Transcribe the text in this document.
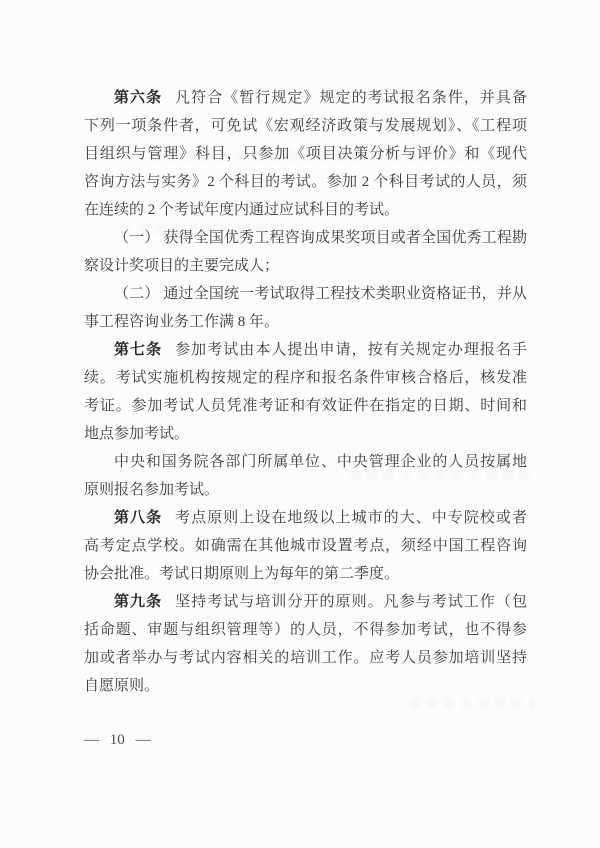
第六条 凡符合《暂行规定》规定的考试报名条件，并具备
下列一项条件者，可免试《宏观经济政策与发展规划》、《工程项
目组织与管理》科目，只参加《项目决策分析与评价》和《现代
咨询方法与实务》2 个科目的考试。参加 2 个科目考试的人员，须
在连续的 2 个考试年度内通过应试科目的考试。
（一） 获得全国优秀工程咨询成果奖项目或者全国优秀工程勘
察设计奖项目的主要完成人；
（二） 通过全国统一考试取得工程技术类职业资格证书，并从
事工程咨询业务工作满 8 年。
第七条 参加考试由本人提出申请，按有关规定办理报名手
续。考试实施机构按规定的程序和报名条件审核合格后，核发准
考证。参加考试人员凭准考证和有效证件在指定的日期、时间和
地点参加考试。
中央和国务院各部门所属单位、中央管理企业的人员按属地
原则报名参加考试。
第八条 考点原则上设在地级以上城市的大、中专院校或者
高考定点学校。如确需在其他城市设置考点，须经中国工程咨询
协会批准。考试日期原则上为每年的第二季度。
第九条 坚持考试与培训分开的原则。凡参与考试工作（包
括命题、审题与组织管理等）的人员，不得参加考试，也不得参
加或者举办与考试内容相关的培训工作。应考人员参加培训坚持
自愿原则。
— 10 —
